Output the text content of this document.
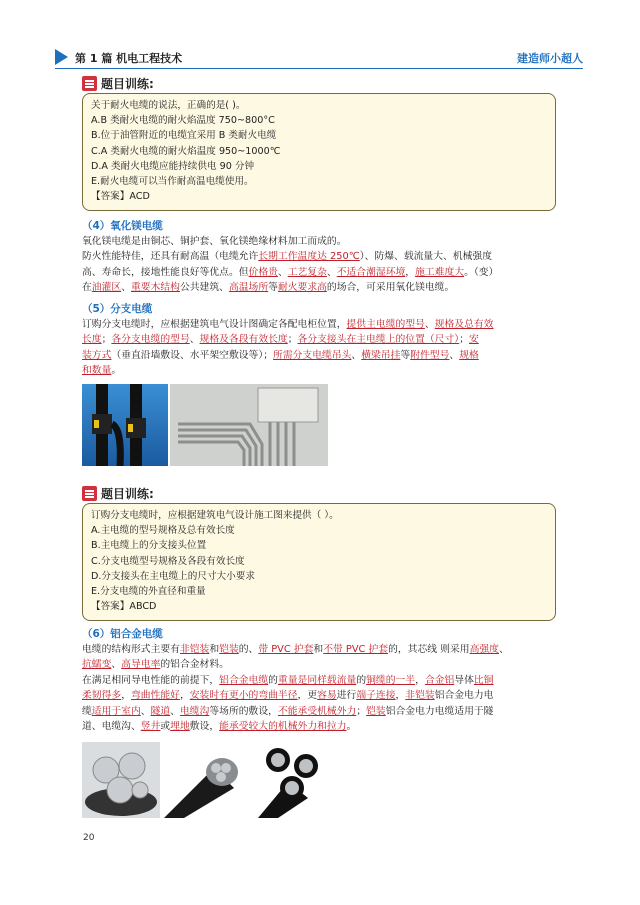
第 1 篇 机电工程技术	建造师小超人
题目训练:
关于耐火电缆的说法，正确的是( )。
A.B 类耐火电缆的耐火焰温度 750~800°C
B.位于油管附近的电缆宜采用 B 类耐火电缆
C.A 类耐火电缆的耐火焰温度 950~1000℃
D.A 类耐火电缆应能持续供电 90 分钟
E.耐火电缆可以当作耐高温电缆使用。
【答案】ACD
（4）氧化镁电缆
氧化镁电缆是由铜芯、铜护套、氧化镁绝缘材料加工而成的。
防火性能特佳，还具有耐高温（电缆允许长期工作温度达 250℃）、防爆、载流量大、机械强度
高、寿命长，接地性能良好等优点。但价格贵、工艺复杂、不适合潮湿环境，施工难度大。（变）
在油灌区、重要木结构公共建筑、高温场所等耐火要求高的场合，可采用氧化镁电缆。
（5）分支电缆
订购分支电缆时，应根据建筑电气设计图确定各配电柜位置，提供主电缆的型号、规格及总有效
长度；各分支电缆的型号、规格及各段有效长度；各分支接头在主电缆上的位置（尺寸）；安
装方式（垂直沿墙敷设、水平架空敷设等）；所需分支电缆吊头、横梁吊挂等附件型号、规格
和数量。
题目训练:
订购分支电缆时，应根据建筑电气设计施工图来提供（ ）。
A.主电缆的型号规格及总有效长度
B.主电缆上的分支接头位置
C.分支电缆型号规格及各段有效长度
D.分支接头在主电缆上的尺寸大小要求
E.分支电缆的外直径和重量
【答案】ABCD
（6）铝合金电缆
电缆的结构形式主要有非铠装和铠装的、带 PVC 护套和不带 PVC 护套的，其芯线 则采用高强度、
抗蠕变、高导电率的铝合金材料。
在满足相同导电性能的前提下，铝合金电缆的重量是同样载流量的铜缆的一半，合金铝导体比铜
柔韧得多，弯曲性能好，安装时有更小的弯曲半径，更容易进行端子连接，非铠装铝合金电力电
缆适用于室内、隧道、电缆沟等场所的敷设，不能承受机械外力；铠装铝合金电力电缆适用于隧
道、电缆沟、竖井或埋地敷设，能承受较大的机械外力和拉力。
20
